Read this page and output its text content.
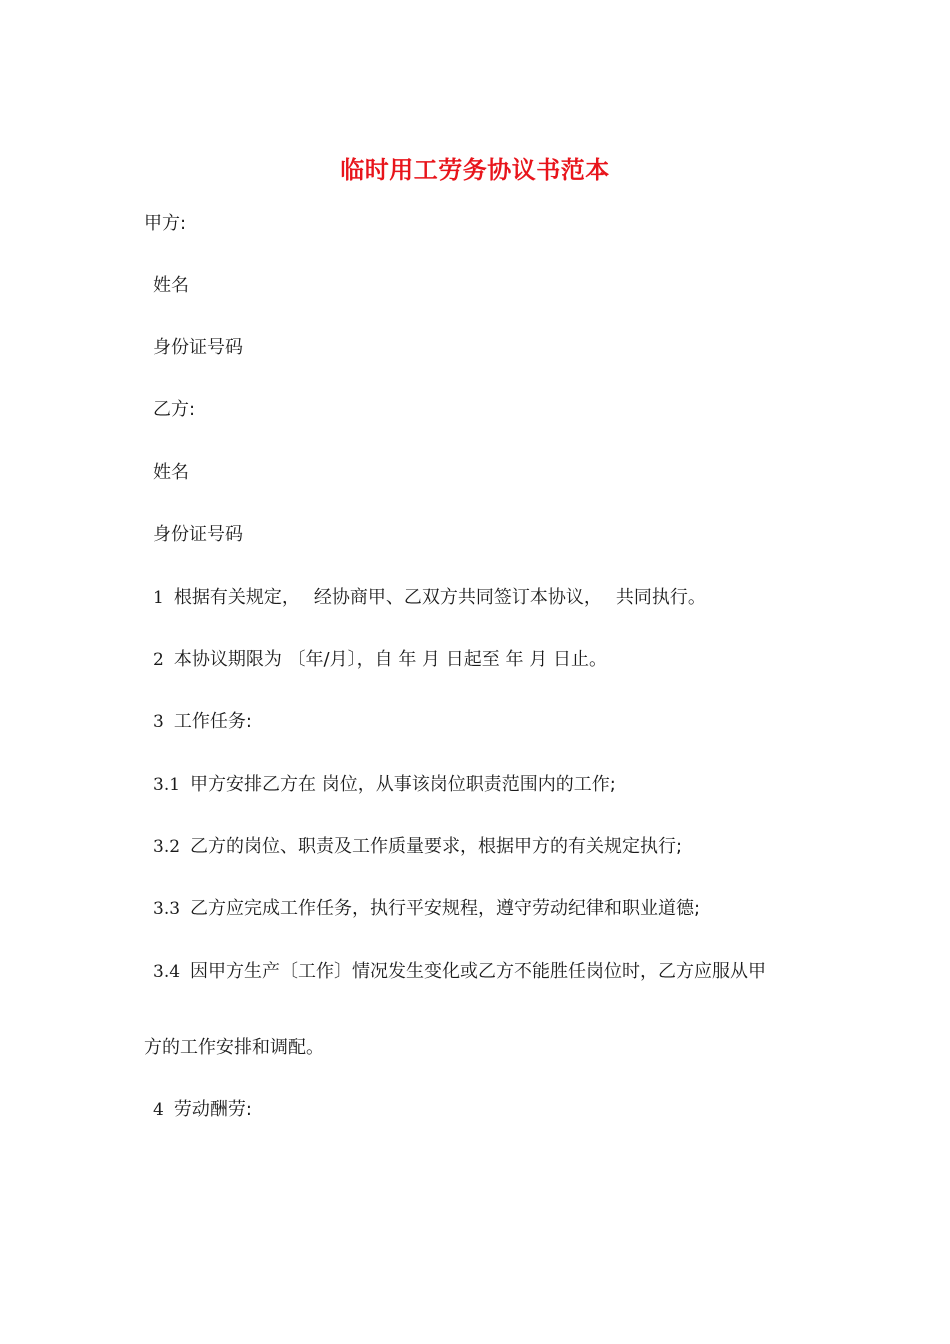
临时用工劳务协议书范本
甲方:
姓名
身份证号码
乙方:
姓名
身份证号码
1 根据有关规定， 经协商甲、乙双方共同签订本协议， 共同执行。
2 本协议期限为 〔年/月〕，自 年 月 日起至 年 月 日止。
3 工作任务:
3.1 甲方安排乙方在 岗位，从事该岗位职责范围内的工作;
3.2 乙方的岗位、职责及工作质量要求，根据甲方的有关规定执行;
3.3 乙方应完成工作任务，执行平安规程，遵守劳动纪律和职业道德;
3.4 因甲方生产〔工作〕情况发生变化或乙方不能胜任岗位时，乙方应服从甲
方的工作安排和调配。
4 劳动酬劳:
